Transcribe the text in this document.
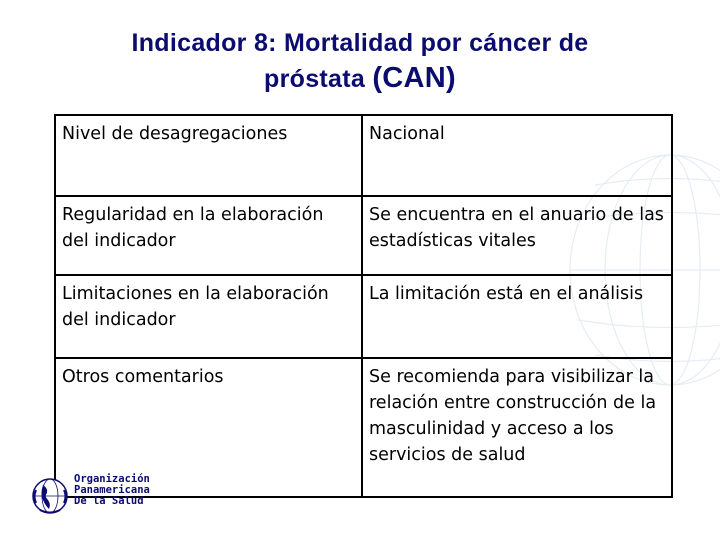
Indicador 8: Mortalidad por cáncer de
próstata (CAN)
Nivel de desagregaciones	Nacional
Regularidad en la elaboración del indicador	Se encuentra en el anuario de las estadísticas vitales
Limitaciones en la elaboración del indicador	La limitación está en el análisis
Otros comentarios	Se recomienda para visibilizar la relación entre construcción de la masculinidad y acceso a los servicios de salud
Organización
Panamericana
De la Salud
